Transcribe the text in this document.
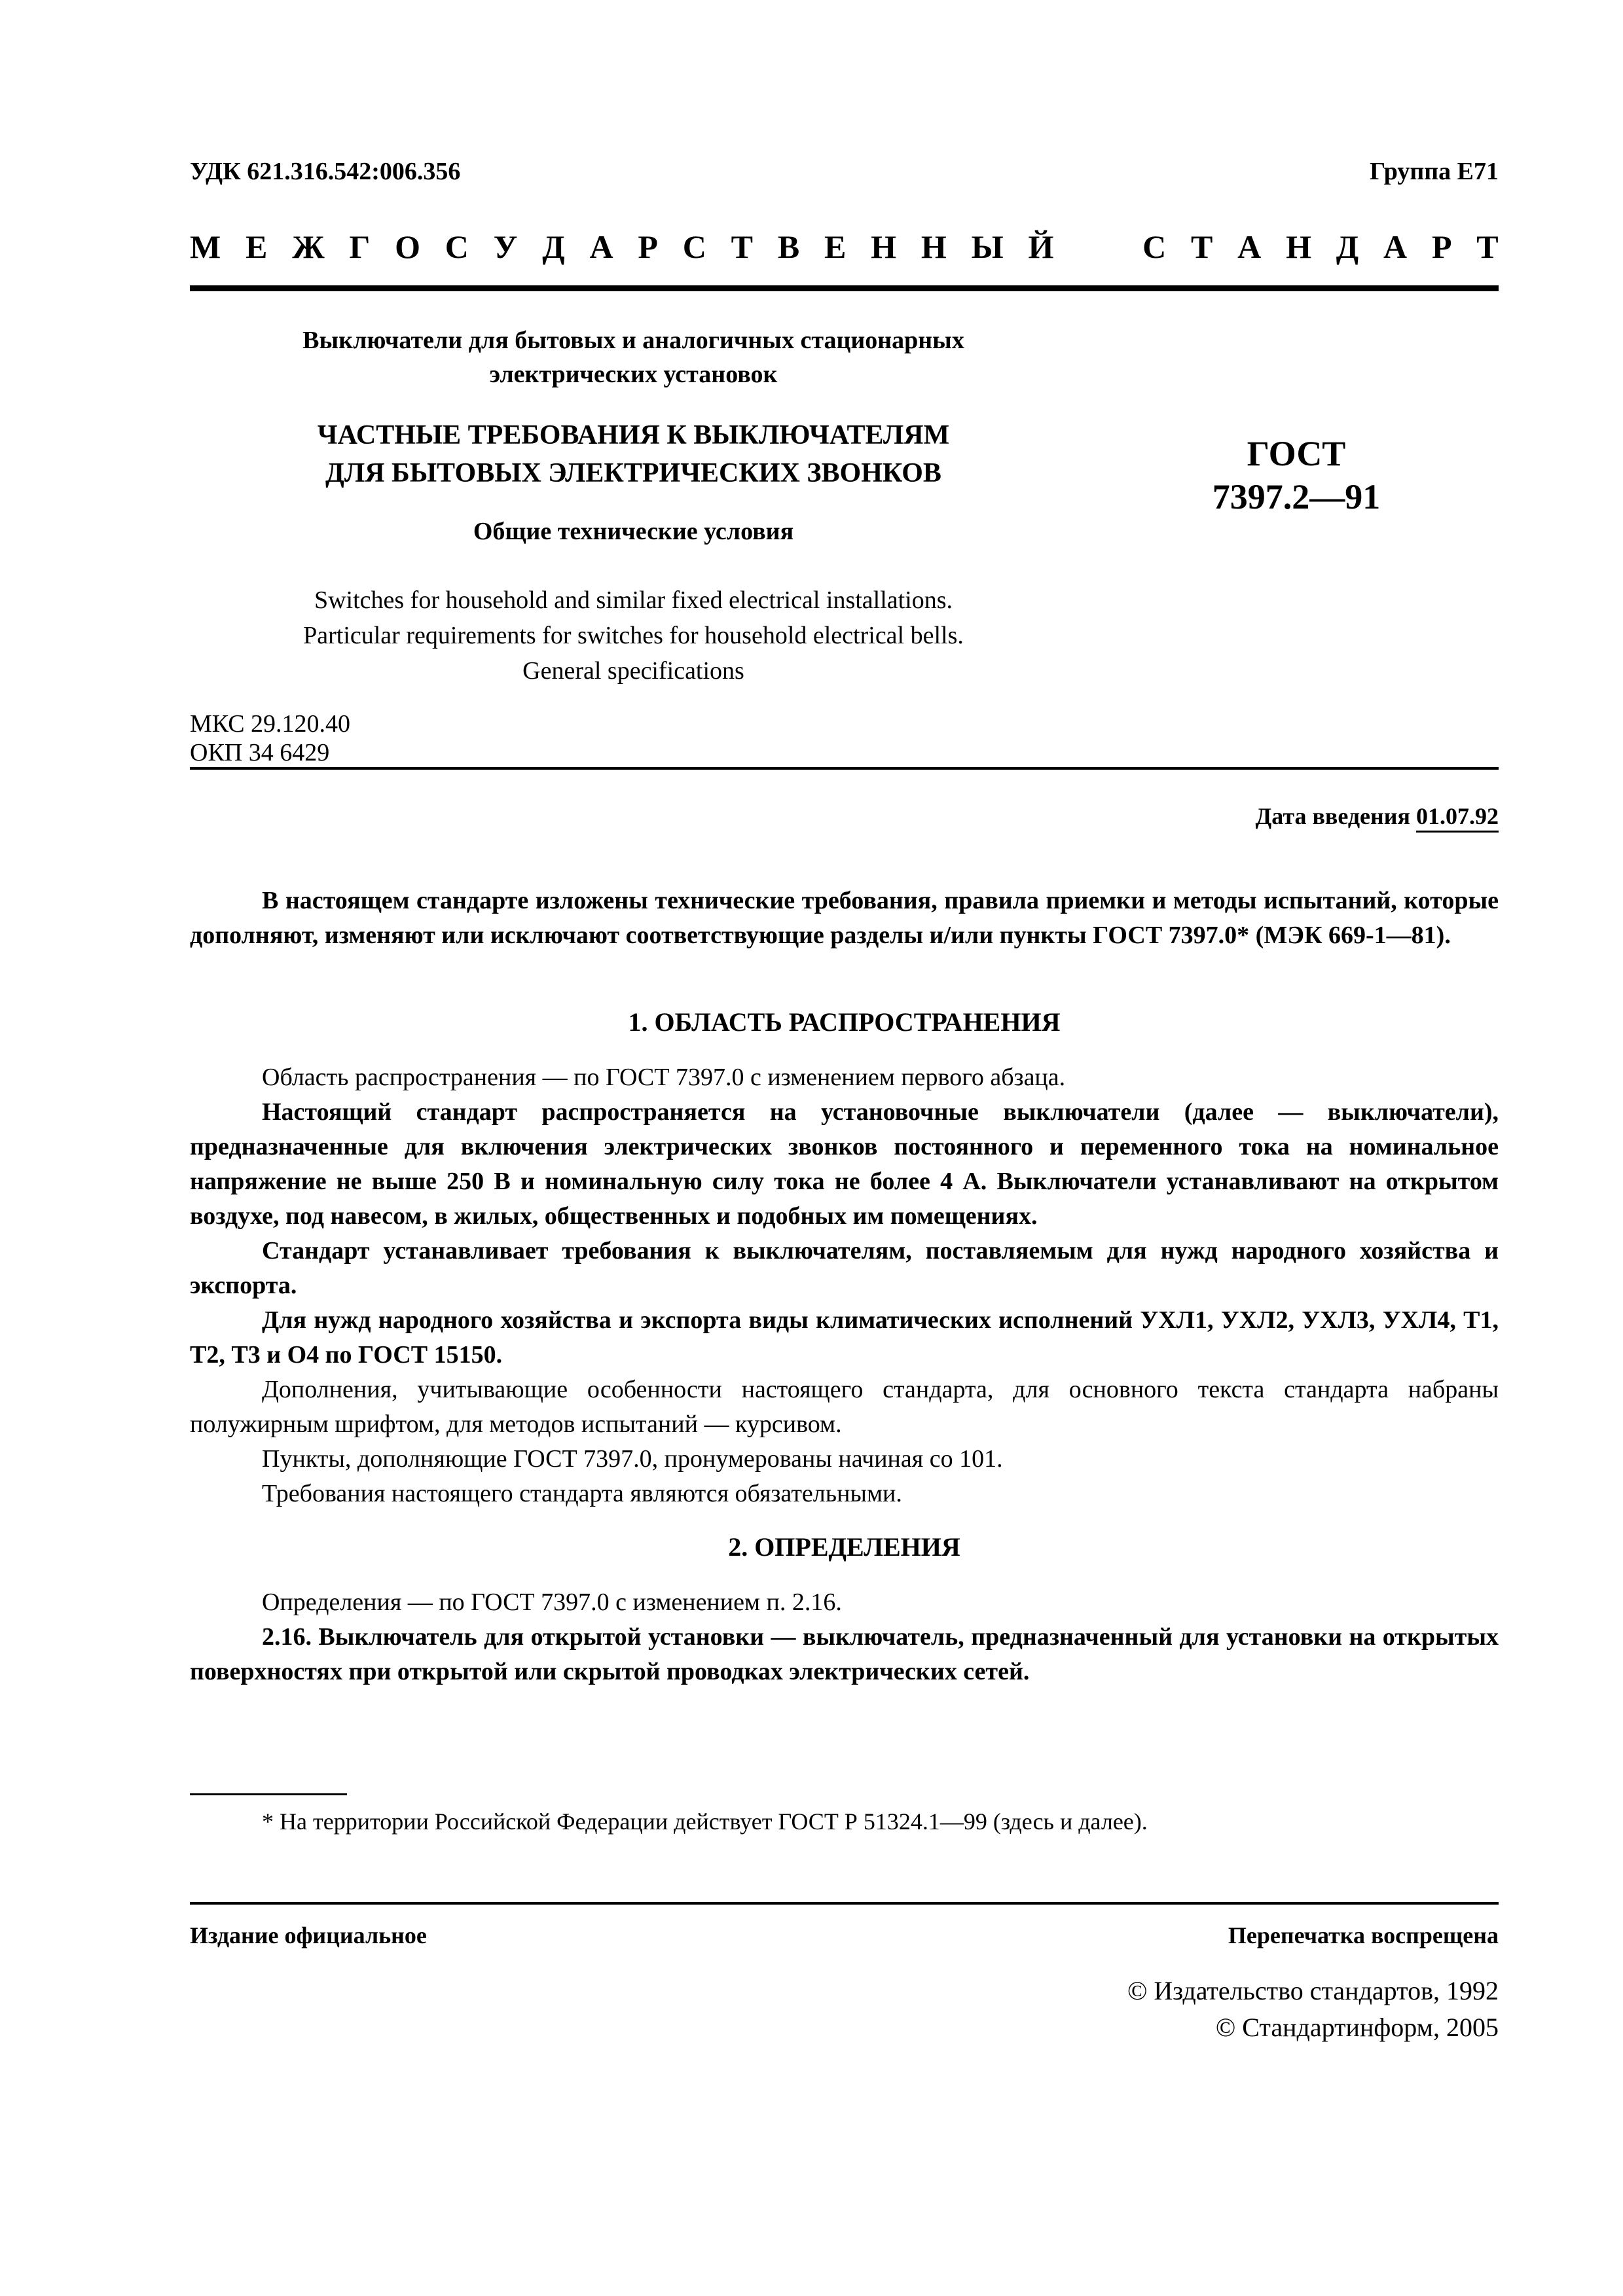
УДК 621.316.542:006.356	Группа Е71
М Е Ж Г О С У Д А Р С Т В Е Н Н Ы Й	С Т А Н Д А Р Т
Выключатели для бытовых и аналогичных стационарных
электрических установок
ЧАСТНЫЕ ТРЕБОВАНИЯ К ВЫКЛЮЧАТЕЛЯМ
ДЛЯ БЫТОВЫХ ЭЛЕКТРИЧЕСКИХ ЗВОНКОВ
Общие технические условия
Switches for household and similar fixed electrical installations.
Particular requirements for switches for household electrical bells.
General specifications
ГОСТ
7397.2—91
МКС 29.120.40
ОКП 34 6429
Дата введения 01.07.92
В настоящем стандарте изложены технические требования, правила приемки и методы испытаний, которые дополняют, изменяют или исключают соответствующие разделы и/или пункты ГОСТ 7397.0* (МЭК 669-1—81).
1. ОБЛАСТЬ РАСПРОСТРАНЕНИЯ
Область распространения — по ГОСТ 7397.0 с изменением первого абзаца.
Настоящий стандарт распространяется на установочные выключатели (далее — выключатели), предназначенные для включения электрических звонков постоянного и переменного тока на номинальное напряжение не выше 250 В и номинальную силу тока не более 4 А. Выключатели устанавливают на открытом воздухе, под навесом, в жилых, общественных и подобных им помещениях.
Стандарт устанавливает требования к выключателям, поставляемым для нужд народного хозяйства и экспорта.
Для нужд народного хозяйства и экспорта виды климатических исполнений УХЛ1, УХЛ2, УХЛ3, УХЛ4, Т1, Т2, Т3 и О4 по ГОСТ 15150.
Дополнения, учитывающие особенности настоящего стандарта, для основного текста стандарта набраны полужирным шрифтом, для методов испытаний — курсивом.
Пункты, дополняющие ГОСТ 7397.0, пронумерованы начиная со 101.
Требования настоящего стандарта являются обязательными.
2. ОПРЕДЕЛЕНИЯ
Определения — по ГОСТ 7397.0 с изменением п. 2.16.
2.16. Выключатель для открытой установки — выключатель, предназначенный для установки на открытых поверхностях при открытой или скрытой проводках электрических сетей.
* На территории Российской Федерации действует ГОСТ Р 51324.1—99 (здесь и далее).
Издание официальное	Перепечатка воспрещена
© Издательство стандартов, 1992
© Стандартинформ, 2005
